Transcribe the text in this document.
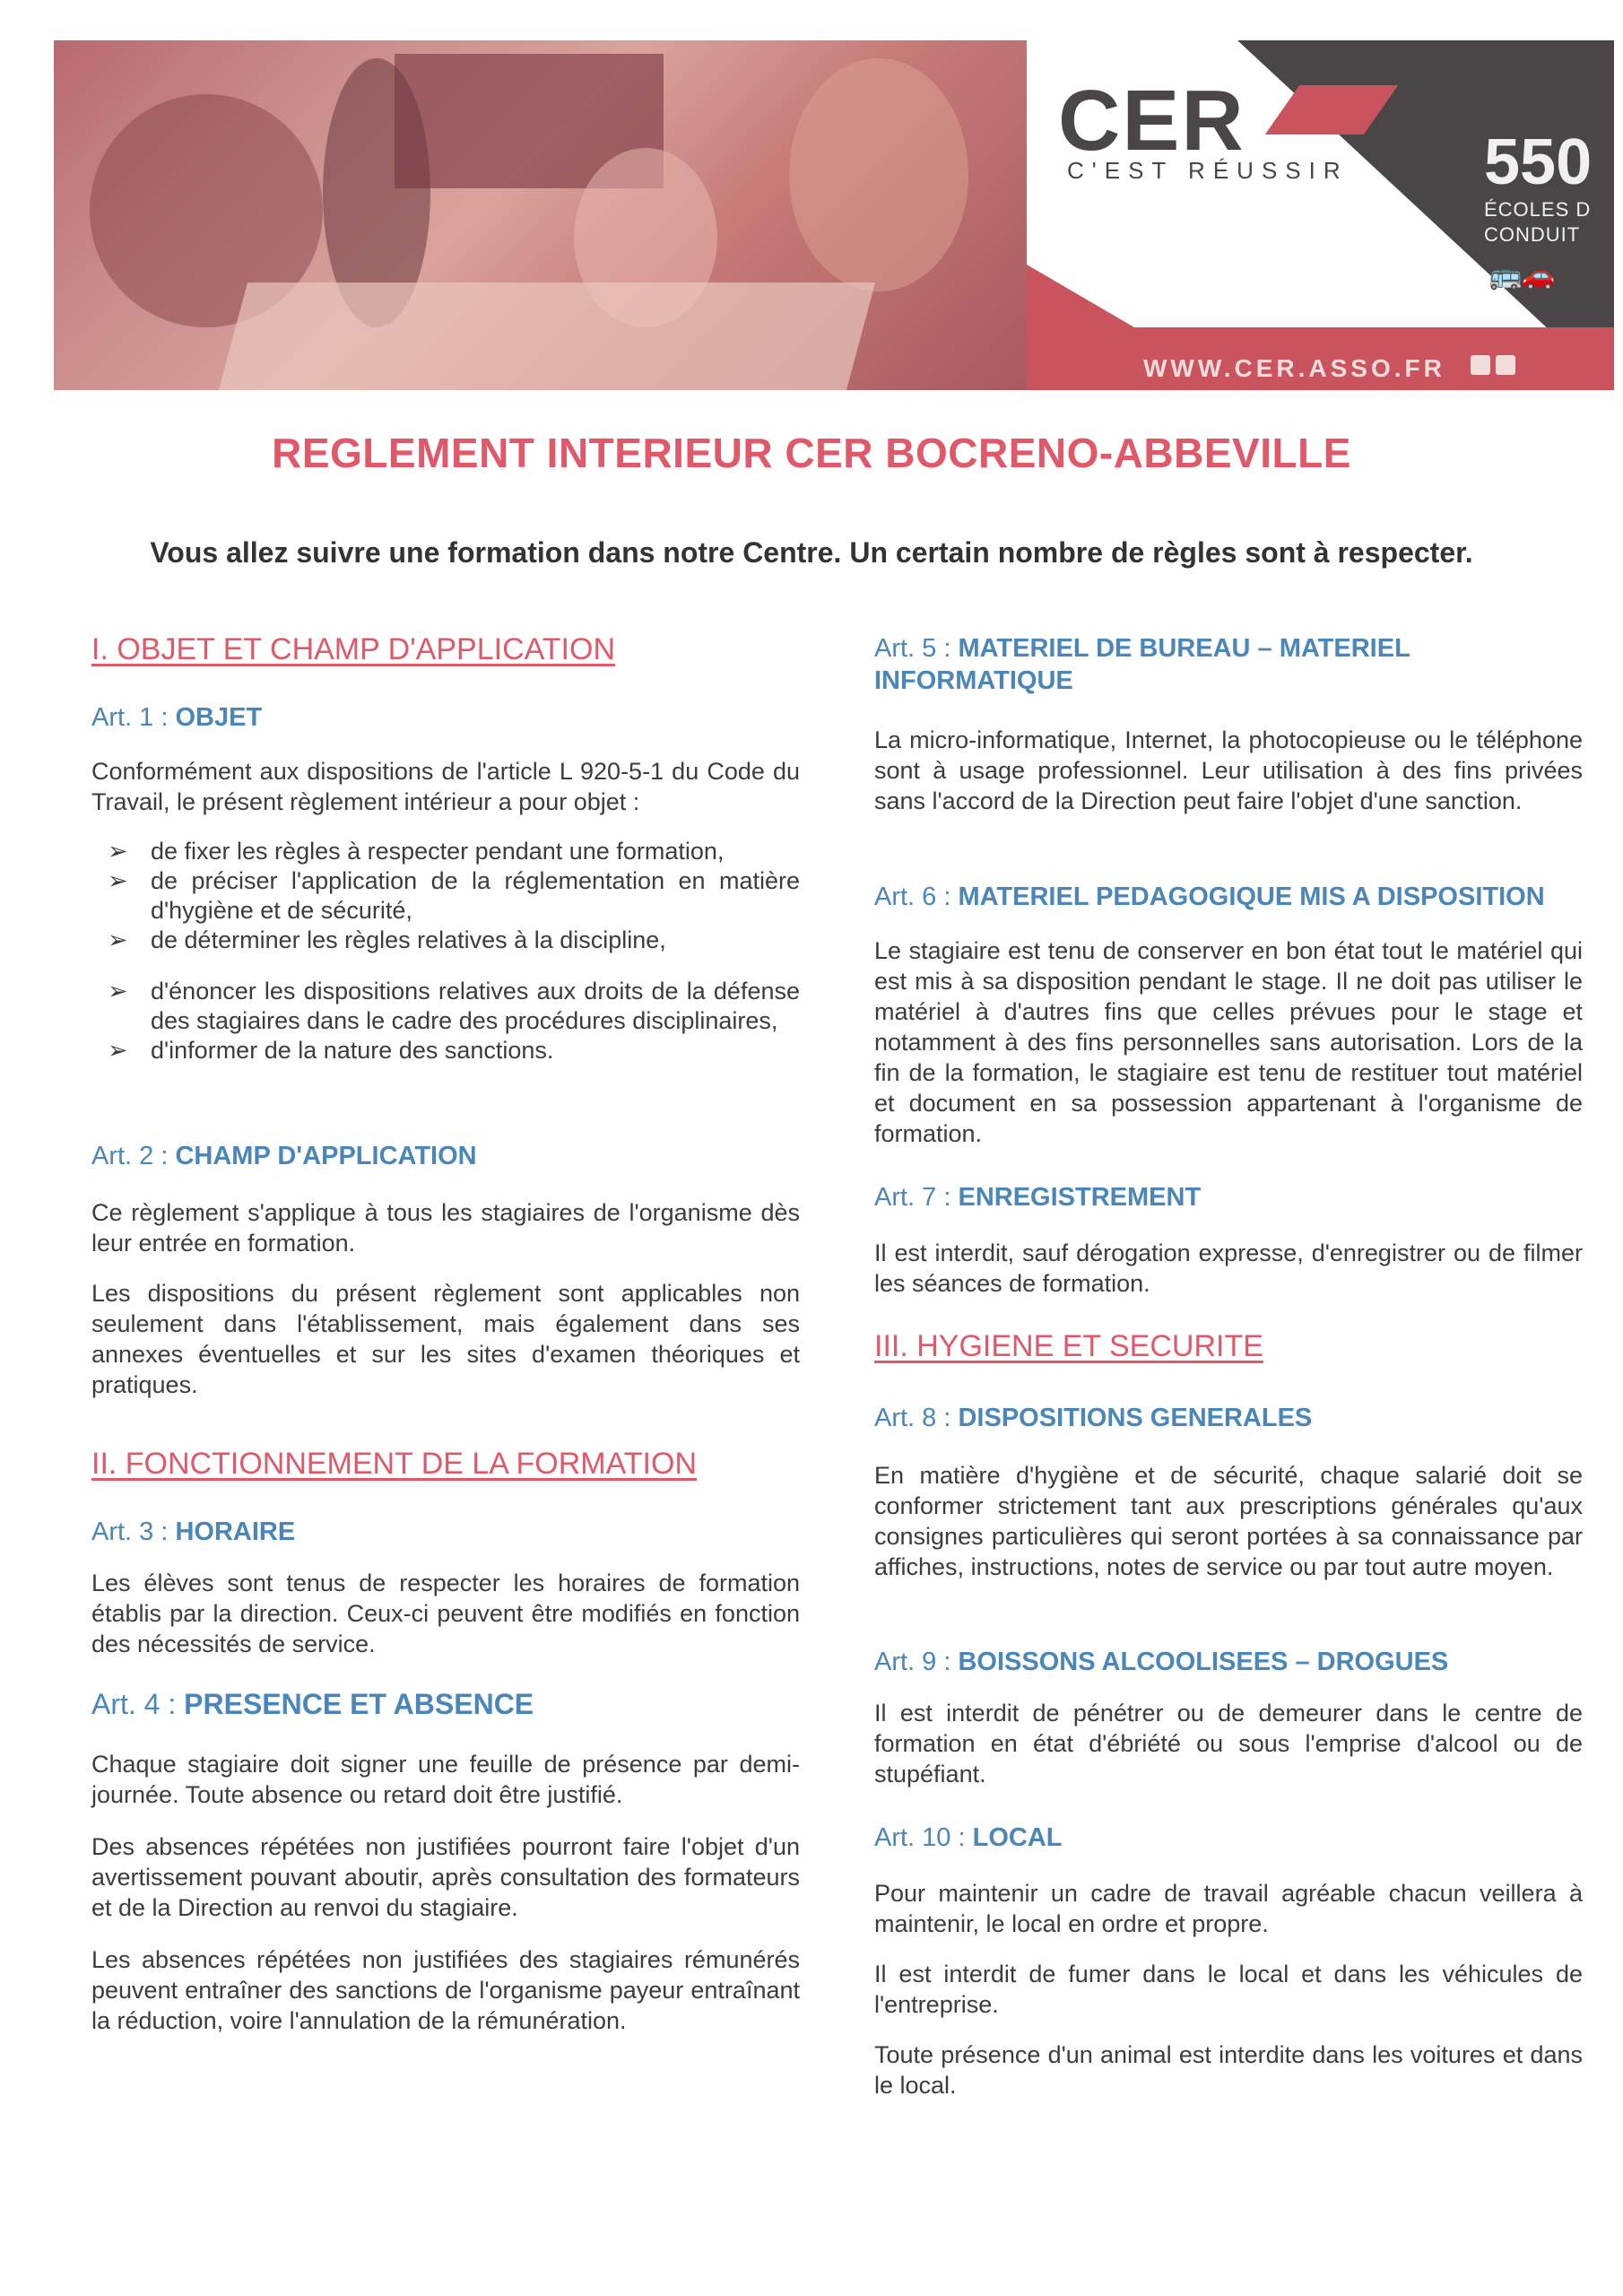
CER
C'EST RÉUSSIR 550
ÉCOLES D
CONDUIT
🚌🚗
WWW.CER.ASSO.FR
REGLEMENT INTERIEUR CER BOCRENO-ABBEVILLE
Vous allez suivre une formation dans notre Centre. Un certain nombre de règles sont à respecter.
I. OBJET ET CHAMP D'APPLICATION
Art. 1 : OBJET
Conformément aux dispositions de l'article L 920-5-1 du Code du Travail, le présent règlement intérieur a pour objet :
➢ de fixer les règles à respecter pendant une formation,
➢ de préciser l'application de la réglementation en matière d'hygiène et de sécurité,
➢ de déterminer les règles relatives à la discipline,
➢ d'énoncer les dispositions relatives aux droits de la défense des stagiaires dans le cadre des procédures disciplinaires,
➢ d'informer de la nature des sanctions.
Art. 2 : CHAMP D'APPLICATION
Ce règlement s'applique à tous les stagiaires de l'organisme dès leur entrée en formation.
Les dispositions du présent règlement sont applicables non seulement dans l'établissement, mais également dans ses annexes éventuelles et sur les sites d'examen théoriques et pratiques.
II. FONCTIONNEMENT DE LA FORMATION
Art. 3 : HORAIRE
Les élèves sont tenus de respecter les horaires de formation établis par la direction. Ceux-ci peuvent être modifiés en fonction des nécessités de service.
Art. 4 : PRESENCE ET ABSENCE
Chaque stagiaire doit signer une feuille de présence par demi-journée. Toute absence ou retard doit être justifié.
Des absences répétées non justifiées pourront faire l'objet d'un avertissement pouvant aboutir, après consultation des formateurs et de la Direction au renvoi du stagiaire.
Les absences répétées non justifiées des stagiaires rémunérés peuvent entraîner des sanctions de l'organisme payeur entraînant la réduction, voire l'annulation de la rémunération.
Art. 5 : MATERIEL DE BUREAU – MATERIEL INFORMATIQUE
La micro-informatique, Internet, la photocopieuse ou le téléphone sont à usage professionnel. Leur utilisation à des fins privées sans l'accord de la Direction peut faire l'objet d'une sanction.
Art. 6 : MATERIEL PEDAGOGIQUE MIS A DISPOSITION
Le stagiaire est tenu de conserver en bon état tout le matériel qui est mis à sa disposition pendant le stage. Il ne doit pas utiliser le matériel à d'autres fins que celles prévues pour le stage et notamment à des fins personnelles sans autorisation. Lors de la fin de la formation, le stagiaire est tenu de restituer tout matériel et document en sa possession appartenant à l'organisme de formation.
Art. 7 : ENREGISTREMENT
Il est interdit, sauf dérogation expresse, d'enregistrer ou de filmer les séances de formation.
III. HYGIENE ET SECURITE
Art. 8 : DISPOSITIONS GENERALES
En matière d'hygiène et de sécurité, chaque salarié doit se conformer strictement tant aux prescriptions générales qu'aux consignes particulières qui seront portées à sa connaissance par affiches, instructions, notes de service ou par tout autre moyen.
Art. 9 : BOISSONS ALCOOLISEES – DROGUES
Il est interdit de pénétrer ou de demeurer dans le centre de formation en état d'ébriété ou sous l'emprise d'alcool ou de stupéfiant.
Art. 10 : LOCAL
Pour maintenir un cadre de travail agréable chacun veillera à maintenir, le local en ordre et propre.
Il est interdit de fumer dans le local et dans les véhicules de l'entreprise.
Toute présence d'un animal est interdite dans les voitures et dans le local.
